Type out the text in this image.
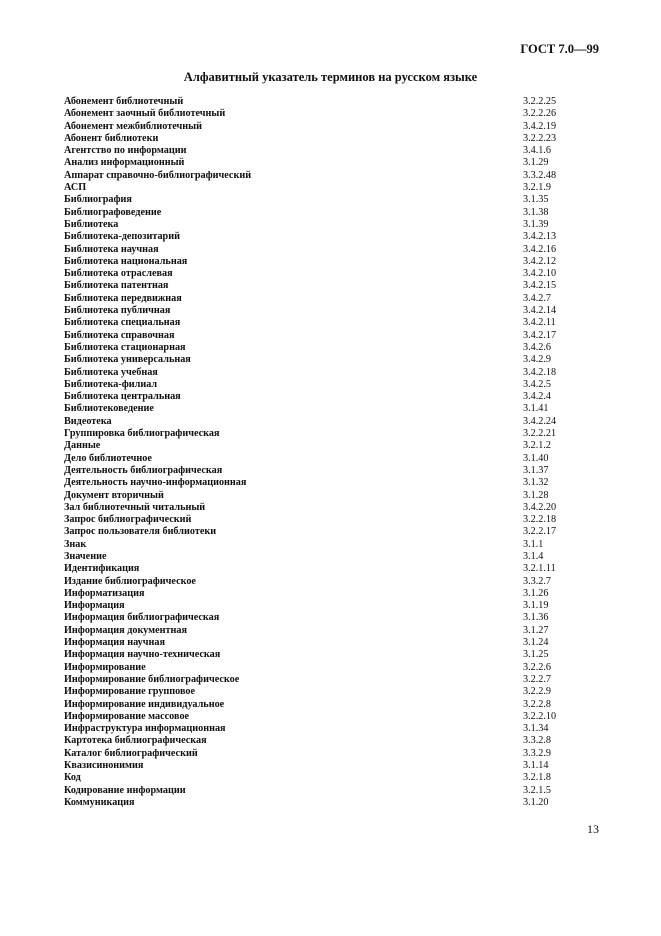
ГОСТ 7.0—99
Алфавитный указатель терминов на русском языке
Абонемент библиотечный	3.2.2.25
Абонемент заочный библиотечный	3.2.2.26
Абонемент межбиблиотечный	3.4.2.19
Абонент библиотеки	3.2.2.23
Агентство по информации	3.4.1.6
Анализ информационный	3.1.29
Аппарат справочно-библиографический	3.3.2.48
АСП	3.2.1.9
Библиография	3.1.35
Библиографоведение	3.1.38
Библиотека	3.1.39
Библиотека-депозитарий	3.4.2.13
Библиотека научная	3.4.2.16
Библиотека национальная	3.4.2.12
Библиотека отраслевая	3.4.2.10
Библиотека патентная	3.4.2.15
Библиотека передвижная	3.4.2.7
Библиотека публичная	3.4.2.14
Библиотека специальная	3.4.2.11
Библиотека справочная	3.4.2.17
Библиотека стационарная	3.4.2.6
Библиотека универсальная	3.4.2.9
Библиотека учебная	3.4.2.18
Библиотека-филиал	3.4.2.5
Библиотека центральная	3.4.2.4
Библиотековедение	3.1.41
Видеотека	3.4.2.24
Группировка библиографическая	3.2.2.21
Данные	3.2.1.2
Дело библиотечное	3.1.40
Деятельность библиографическая	3.1.37
Деятельность научно-информационная	3.1.32
Документ вторичный	3.1.28
Зал библиотечный читальный	3.4.2.20
Запрос библиографический	3.2.2.18
Запрос пользователя библиотеки	3.2.2.17
Знак	3.1.1
Значение	3.1.4
Идентификация	3.2.1.11
Издание библиографическое	3.3.2.7
Информатизация	3.1.26
Информация	3.1.19
Информация библиографическая	3.1.36
Информация документная	3.1.27
Информация научная	3.1.24
Информация научно-техническая	3.1.25
Информирование	3.2.2.6
Информирование библиографическое	3.2.2.7
Информирование групповое	3.2.2.9
Информирование индивидуальное	3.2.2.8
Информирование массовое	3.2.2.10
Инфраструктура информационная	3.1.34
Картотека библиографическая	3.3.2.8
Каталог библиографический	3.3.2.9
Квазисинонимия	3.1.14
Код	3.2.1.8
Кодирование информации	3.2.1.5
Коммуникация	3.1.20
13
